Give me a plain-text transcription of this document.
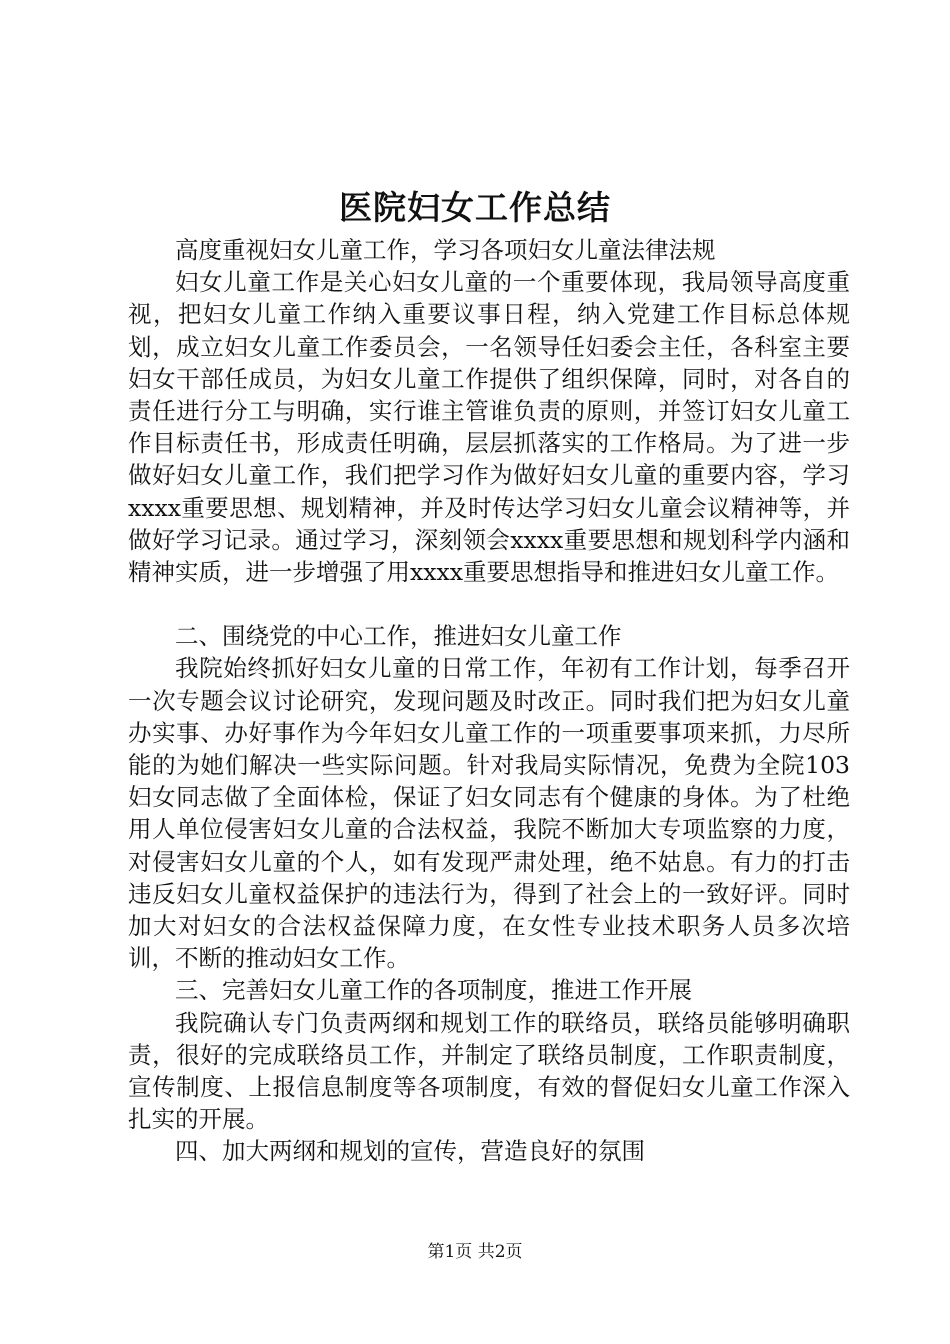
医院妇女工作总结

高度重视妇女儿童工作，学习各项妇女儿童法律法规

妇女儿童工作是关心妇女儿童的一个重要体现，我局领导高度重视，把妇女儿童工作纳入重要议事日程，纳入党建工作目标总体规划，成立妇女儿童工作委员会，一名领导任妇委会主任，各科室主要妇女干部任成员，为妇女儿童工作提供了组织保障，同时，对各自的责任进行分工与明确，实行谁主管谁负责的原则，并签订妇女儿童工作目标责任书，形成责任明确，层层抓落实的工作格局。为了进一步做好妇女儿童工作，我们把学习作为做好妇女儿童的重要内容，学习xxxx重要思想、规划精神，并及时传达学习妇女儿童会议精神等，并做好学习记录。通过学习，深刻领会xxxx重要思想和规划科学内涵和精神实质，进一步增强了用xxxx重要思想指导和推进妇女儿童工作。

二、围绕党的中心工作，推进妇女儿童工作

我院始终抓好妇女儿童的日常工作，年初有工作计划，每季召开一次专题会议讨论研究，发现问题及时改正。同时我们把为妇女儿童办实事、办好事作为今年妇女儿童工作的一项重要事项来抓，力尽所能的为她们解决一些实际问题。针对我局实际情况，免费为全院103妇女同志做了全面体检，保证了妇女同志有个健康的身体。为了杜绝用人单位侵害妇女儿童的合法权益，我院不断加大专项监察的力度，对侵害妇女儿童的个人，如有发现严肃处理，绝不姑息。有力的打击违反妇女儿童权益保护的违法行为，得到了社会上的一致好评。同时加大对妇女的合法权益保障力度，在女性专业技术职务人员多次培训，不断的推动妇女工作。

三、完善妇女儿童工作的各项制度，推进工作开展

我院确认专门负责两纲和规划工作的联络员，联络员能够明确职责，很好的完成联络员工作，并制定了联络员制度，工作职责制度，宣传制度、上报信息制度等各项制度，有效的督促妇女儿童工作深入扎实的开展。

四、加大两纲和规划的宣传，营造良好的氛围

第1页 共2页
